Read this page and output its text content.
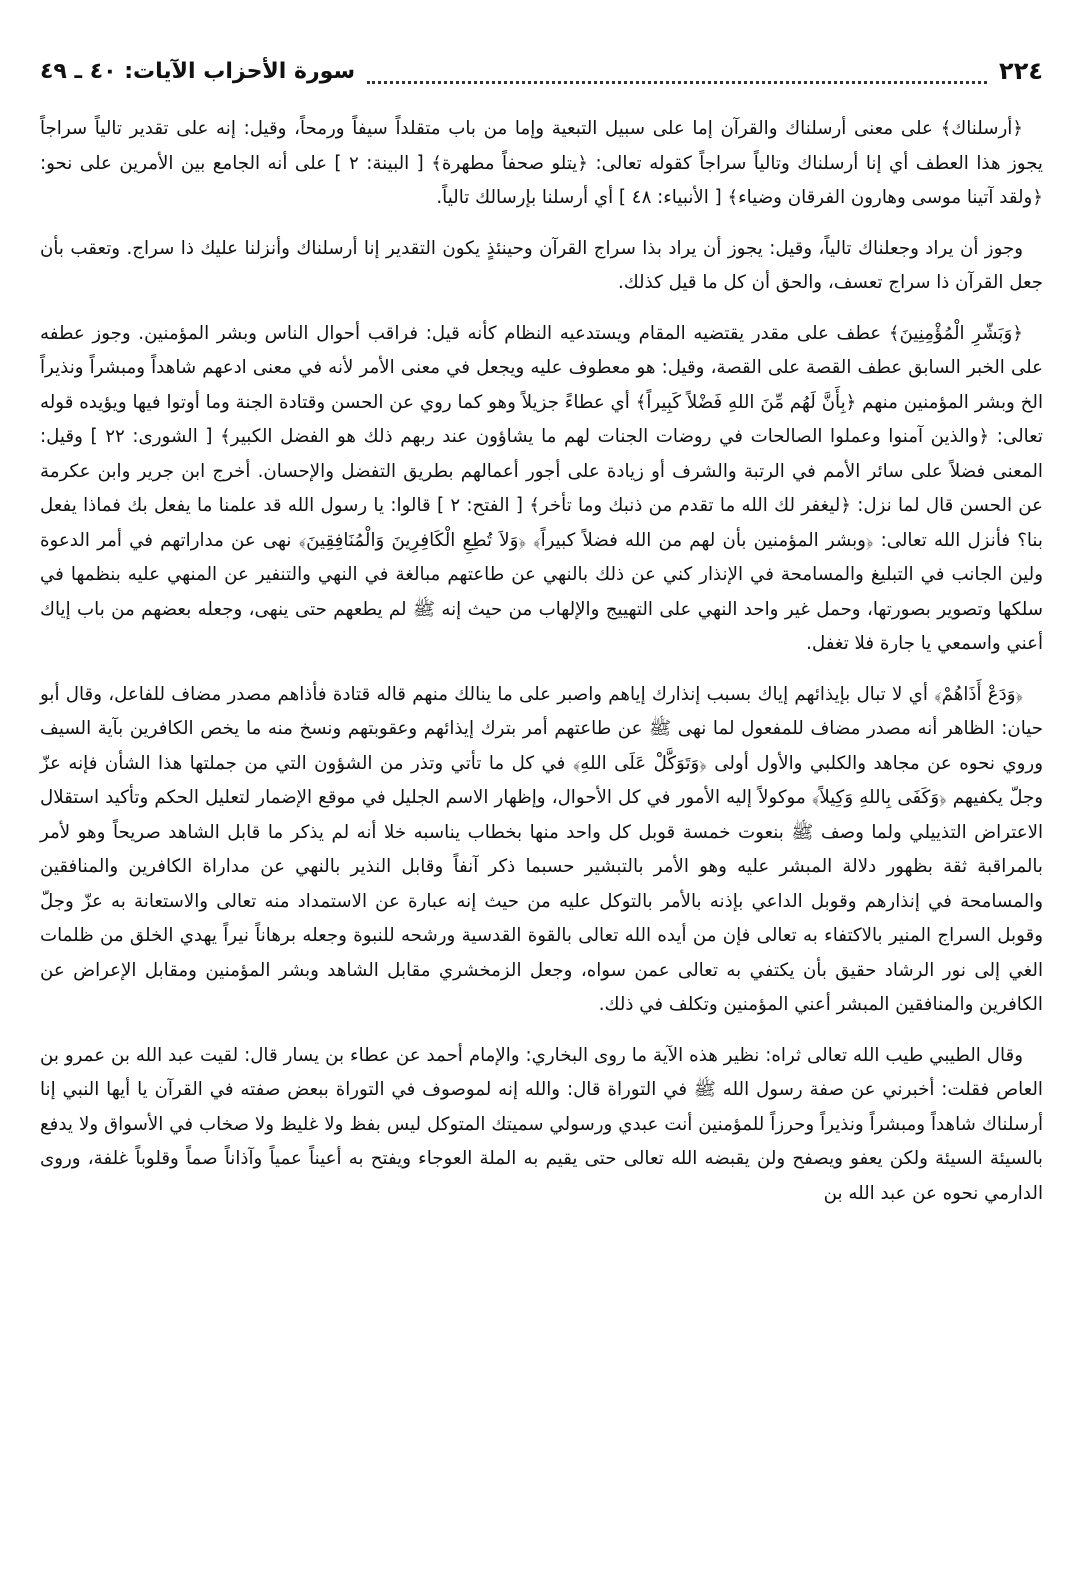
٢٢٤
سورة الأحزاب الآيات: ٤٠ ـ ٤٩

﴿أرسلناك﴾ على معنى أرسلناك والقرآن إما على سبيل التبعية وإما من باب متقلداً سيفاً ورمحاً، وقيل: إنه على تقدير تالياً سراجاً يجوز هذا العطف أي إنا أرسلناك وتالياً سراجاً كقوله تعالى: ﴿يتلو صحفاً مطهرة﴾ [ البينة: ٢ ] على أنه الجامع بين الأمرين على نحو: ﴿ولقد آتينا موسى وهارون الفرقان وضياء﴾ [ الأنبياء: ٤٨ ] أي أرسلنا بإرسالك تالياً.

وجوز أن يراد وجعلناك تالياً، وقيل: يجوز أن يراد بذا سراج القرآن وحينئذٍ يكون التقدير إنا أرسلناك وأنزلنا عليك ذا سراج. وتعقب بأن جعل القرآن ذا سراج تعسف، والحق أن كل ما قيل كذلك.

﴿وَبَشّرِ الْمُؤْمِنِينَ﴾ عطف على مقدر يقتضيه المقام ويستدعيه النظام كأنه قيل: فراقب أحوال الناس وبشر المؤمنين. وجوز عطفه على الخبر السابق عطف القصة على القصة، وقيل: هو معطوف عليه ويجعل في معنى الأمر لأنه في معنى ادعهم شاهداً ومبشراً ونذيراً الخ وبشر المؤمنين منهم ﴿بِأَنَّ لَهُم مِّنَ اللهِ فَضْلاً كَبِيراً﴾ أي عطاءً جزيلاً وهو كما روي عن الحسن وقتادة الجنة وما أوتوا فيها ويؤيده قوله تعالى: ﴿والذين آمنوا وعملوا الصالحات في روضات الجنات لهم ما يشاؤون عند ربهم ذلك هو الفضل الكبير﴾ [ الشورى: ٢٢ ] وقيل: المعنى فضلاً على سائر الأمم في الرتبة والشرف أو زيادة على أجور أعمالهم بطريق التفضل والإحسان. أخرج ابن جرير وابن عكرمة عن الحسن قال لما نزل: ﴿ليغفر لك الله ما تقدم من ذنبك وما تأخر﴾ [ الفتح: ٢ ] قالوا: يا رسول الله قد علمنا ما يفعل بك فماذا يفعل بنا؟ فأنزل الله تعالى: ﴿وبشر المؤمنين بأن لهم من الله فضلاً كبيراً﴾ ﴿وَلاَ تُطِعِ الْكَافِرِينَ وَالْمُنَافِقِينَ﴾ نهى عن مداراتهم في أمر الدعوة ولين الجانب في التبليغ والمسامحة في الإنذار كني عن ذلك بالنهي عن طاعتهم مبالغة في النهي والتنفير عن المنهي عليه بنظمها في سلكها وتصوير بصورتها، وحمل غير واحد النهي على التهييج والإلهاب من حيث إنه ﷺ لم يطعهم حتى ينهى، وجعله بعضهم من باب إياك أعني واسمعي يا جارة فلا تغفل.

﴿وَدَعْ أَذَاهُمْ﴾ أي لا تبال بإيذائهم إياك بسبب إنذارك إياهم واصبر على ما ينالك منهم قاله قتادة فأذاهم مصدر مضاف للفاعل، وقال أبو حيان: الظاهر أنه مصدر مضاف للمفعول لما نهى ﷺ عن طاعتهم أمر بترك إيذائهم وعقوبتهم ونسخ منه ما يخص الكافرين بآية السيف وروي نحوه عن مجاهد والكلبي والأول أولى ﴿وَتَوَكَّلْ عَلَى اللهِ﴾ في كل ما تأتي وتذر من الشؤون التي من جملتها هذا الشأن فإنه عزّ وجلّ يكفيهم ﴿وَكَفَى بِاللهِ وَكِيلاً﴾ موكولاً إليه الأمور في كل الأحوال، وإظهار الاسم الجليل في موقع الإضمار لتعليل الحكم وتأكيد استقلال الاعتراض التذييلي ولما وصف ﷺ بنعوت خمسة قوبل كل واحد منها بخطاب يناسبه خلا أنه لم يذكر ما قابل الشاهد صريحاً وهو لأمر بالمراقبة ثقة بظهور دلالة المبشر عليه وهو الأمر بالتبشير حسبما ذكر آنفاً وقابل النذير بالنهي عن مداراة الكافرين والمنافقين والمسامحة في إنذارهم وقوبل الداعي بإذنه بالأمر بالتوكل عليه من حيث إنه عبارة عن الاستمداد منه تعالى والاستعانة به عزّ وجلّ وقوبل السراج المنير بالاكتفاء به تعالى فإن من أيده الله تعالى بالقوة القدسية ورشحه للنبوة وجعله برهاناً نيراً يهدي الخلق من ظلمات الغي إلى نور الرشاد حقيق بأن يكتفي به تعالى عمن سواه، وجعل الزمخشري مقابل الشاهد وبشر المؤمنين ومقابل الإعراض عن الكافرين والمنافقين المبشر أعني المؤمنين وتكلف في ذلك.

وقال الطيبي طيب الله تعالى ثراه: نظير هذه الآية ما روى البخاري: والإمام أحمد عن عطاء بن يسار قال: لقيت عبد الله بن عمرو بن العاص فقلت: أخبرني عن صفة رسول الله ﷺ في التوراة قال: والله إنه لموصوف في التوراة ببعض صفته في القرآن يا أيها النبي إنا أرسلناك شاهداً ومبشراً ونذيراً وحرزاً للمؤمنين أنت عبدي ورسولي سميتك المتوكل ليس بفظ ولا غليظ ولا صخاب في الأسواق ولا يدفع بالسيئة السيئة ولكن يعفو ويصفح ولن يقبضه الله تعالى حتى يقيم به الملة العوجاء ويفتح به أعيناً عمياً وآذاناً صماً وقلوباً غلفة، وروى الدارمي نحوه عن عبد الله بن
